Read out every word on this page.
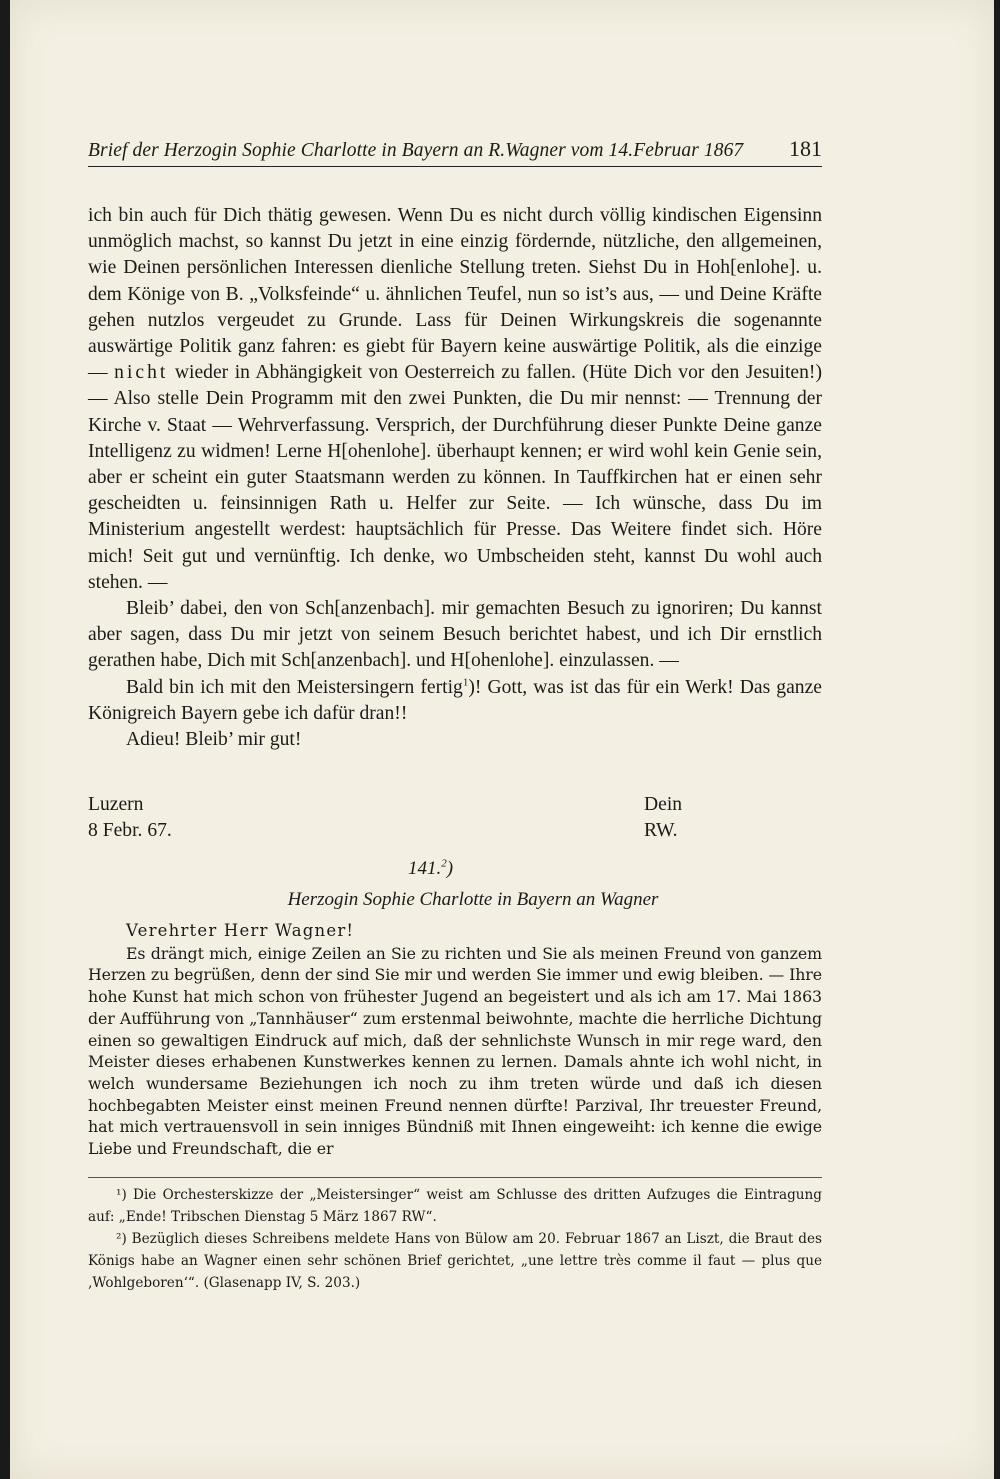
Brief der Herzogin Sophie Charlotte in Bayern an R.Wagner vom 14.Februar 1867 181

ich bin auch für Dich thätig gewesen. Wenn Du es nicht durch völlig kindischen Eigensinn unmöglich machst, so kannst Du jetzt in eine einzig fördernde, nützliche, den allgemeinen, wie Deinen persönlichen Interessen dienliche Stellung treten. Siehst Du in Hoh[enlohe]. u. dem Könige von B. „Volksfeinde“ u. ähnlichen Teufel, nun so ist’s aus, — und Deine Kräfte gehen nutzlos vergeudet zu Grunde. Lass für Deinen Wirkungskreis die sogenannte auswärtige Politik ganz fahren: es giebt für Bayern keine auswärtige Politik, als die einzige — nicht wieder in Abhängigkeit von Oesterreich zu fallen. (Hüte Dich vor den Jesuiten!) — Also stelle Dein Programm mit den zwei Punkten, die Du mir nennst: — Trennung der Kirche v. Staat — Wehrverfassung. Versprich, der Durchführung dieser Punkte Deine ganze Intelligenz zu widmen! Lerne H[ohenlohe]. überhaupt kennen; er wird wohl kein Genie sein, aber er scheint ein guter Staatsmann werden zu können. In Tauffkirchen hat er einen sehr gescheidten u. feinsinnigen Rath u. Helfer zur Seite. — Ich wünsche, dass Du im Ministerium angestellt werdest: hauptsächlich für Presse. Das Weitere findet sich. Höre mich! Seit gut und vernünftig. Ich denke, wo Umbscheiden steht, kannst Du wohl auch stehen. —

Bleib’ dabei, den von Sch[anzenbach]. mir gemachten Besuch zu ignoriren; Du kannst aber sagen, dass Du mir jetzt von seinem Besuch berichtet habest, und ich Dir ernstlich gerathen habe, Dich mit Sch[anzenbach]. und H[ohenlohe]. einzulassen. —

Bald bin ich mit den Meistersingern fertig$^1$)! Gott, was ist das für ein Werk! Das ganze Königreich Bayern gebe ich dafür dran!!

Adieu! Bleib’ mir gut!

Luzern
8 Febr. 67.
Dein
RW.
141.$^2$)
Herzogin Sophie Charlotte in Bayern an Wagner

Verehrter Herr Wagner!

Es drängt mich, einige Zeilen an Sie zu richten und Sie als meinen Freund von ganzem Herzen zu begrüßen, denn der sind Sie mir und werden Sie immer und ewig bleiben. — Ihre hohe Kunst hat mich schon von frühester Jugend an begeistert und als ich am 17. Mai 1863 der Aufführung von „Tannhäuser“ zum erstenmal beiwohnte, machte die herrliche Dichtung einen so gewaltigen Eindruck auf mich, daß der sehnlichste Wunsch in mir rege ward, den Meister dieses erhabenen Kunstwerkes kennen zu lernen. Damals ahnte ich wohl nicht, in welch wundersame Beziehungen ich noch zu ihm treten würde und daß ich diesen hochbegabten Meister einst meinen Freund nennen dürfte! Parzival, Ihr treuester Freund, hat mich vertrauensvoll in sein inniges Bündniß mit Ihnen eingeweiht: ich kenne die ewige Liebe und Freundschaft, die er

¹) Die Orchesterskizze der „Meistersinger“ weist am Schlusse des dritten Aufzuges die Eintragung auf: „Ende! Tribschen Dienstag 5 März 1867 RW“.

²) Bezüglich dieses Schreibens meldete Hans von Bülow am 20. Februar 1867 an Liszt, die Braut des Königs habe an Wagner einen sehr schönen Brief gerichtet, „une lettre très comme il faut — plus que ‚Wohlgeboren‘“. (Glasenapp IV, S. 203.)
